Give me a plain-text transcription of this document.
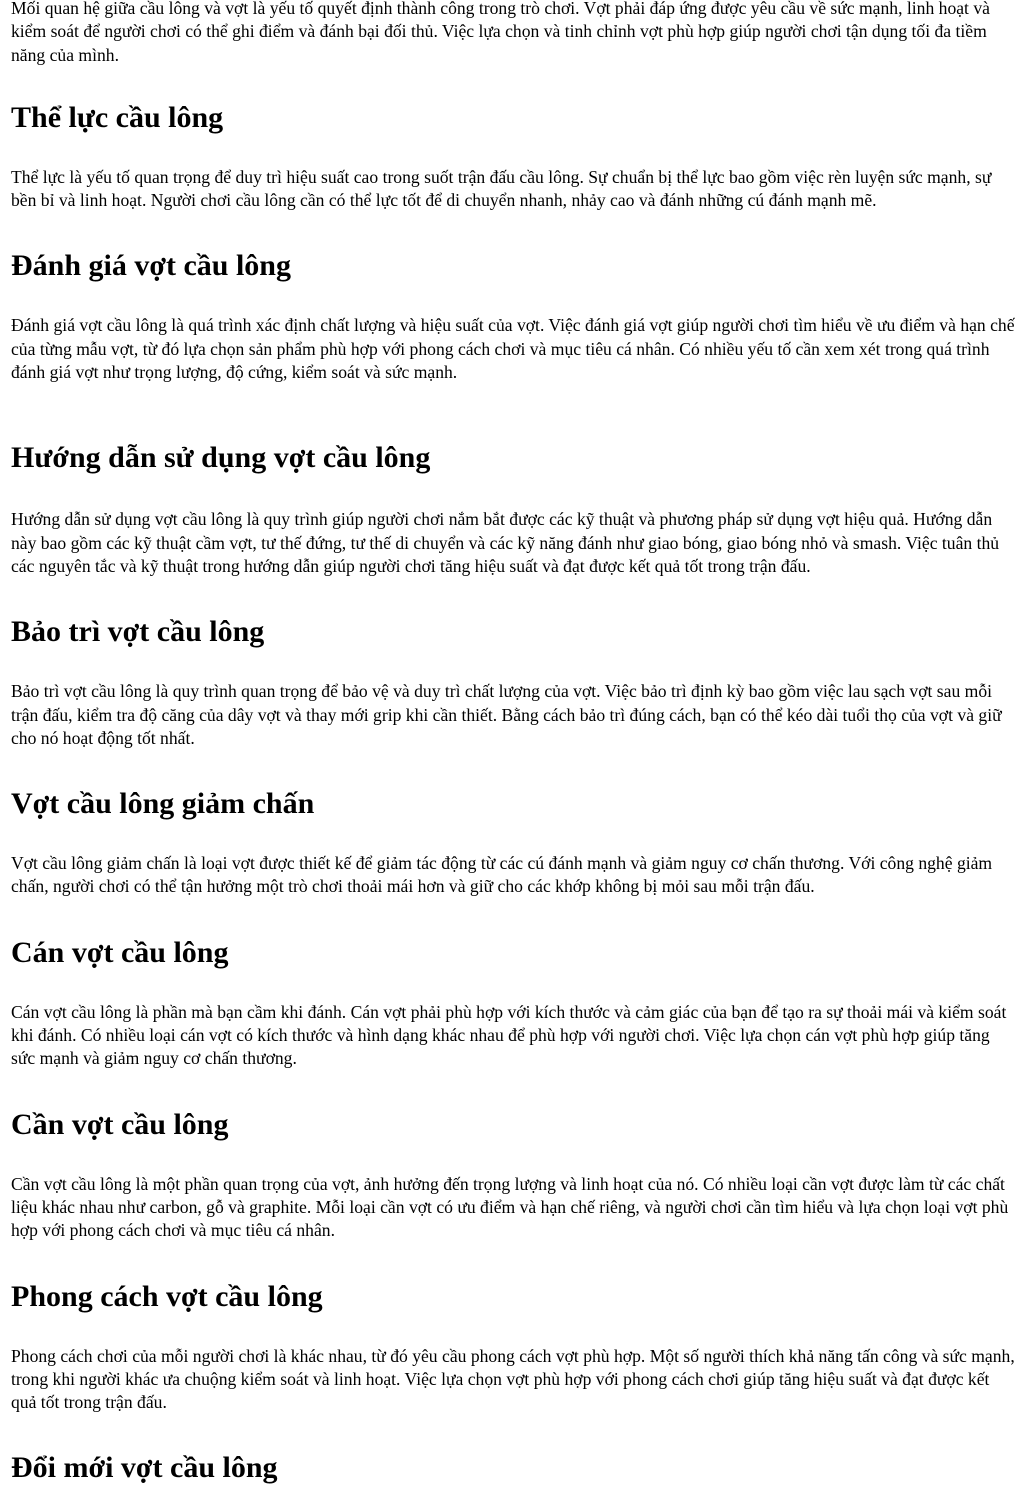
Mối quan hệ giữa cầu lông và vợt là yếu tố quyết định thành công trong trò chơi. Vợt phải đáp ứng được yêu cầu về sức mạnh, linh hoạt và kiểm soát để người chơi có thể ghi điểm và đánh bại đối thủ. Việc lựa chọn và tinh chỉnh vợt phù hợp giúp người chơi tận dụng tối đa tiềm năng của mình.

Thể lực cầu lông

Thể lực là yếu tố quan trọng để duy trì hiệu suất cao trong suốt trận đấu cầu lông. Sự chuẩn bị thể lực bao gồm việc rèn luyện sức mạnh, sự bền bỉ và linh hoạt. Người chơi cầu lông cần có thể lực tốt để di chuyển nhanh, nhảy cao và đánh những cú đánh mạnh mẽ.

Đánh giá vợt cầu lông

Đánh giá vợt cầu lông là quá trình xác định chất lượng và hiệu suất của vợt. Việc đánh giá vợt giúp người chơi tìm hiểu về ưu điểm và hạn chế của từng mẫu vợt, từ đó lựa chọn sản phẩm phù hợp với phong cách chơi và mục tiêu cá nhân. Có nhiều yếu tố cần xem xét trong quá trình đánh giá vợt như trọng lượng, độ cứng, kiểm soát và sức mạnh.

Hướng dẫn sử dụng vợt cầu lông

Hướng dẫn sử dụng vợt cầu lông là quy trình giúp người chơi nắm bắt được các kỹ thuật và phương pháp sử dụng vợt hiệu quả. Hướng dẫn này bao gồm các kỹ thuật cầm vợt, tư thế đứng, tư thế di chuyển và các kỹ năng đánh như giao bóng, giao bóng nhỏ và smash. Việc tuân thủ các nguyên tắc và kỹ thuật trong hướng dẫn giúp người chơi tăng hiệu suất và đạt được kết quả tốt trong trận đấu.

Bảo trì vợt cầu lông

Bảo trì vợt cầu lông là quy trình quan trọng để bảo vệ và duy trì chất lượng của vợt. Việc bảo trì định kỳ bao gồm việc lau sạch vợt sau mỗi trận đấu, kiểm tra độ căng của dây vợt và thay mới grip khi cần thiết. Bằng cách bảo trì đúng cách, bạn có thể kéo dài tuổi thọ của vợt và giữ cho nó hoạt động tốt nhất.

Vợt cầu lông giảm chấn

Vợt cầu lông giảm chấn là loại vợt được thiết kế để giảm tác động từ các cú đánh mạnh và giảm nguy cơ chấn thương. Với công nghệ giảm chấn, người chơi có thể tận hưởng một trò chơi thoải mái hơn và giữ cho các khớp không bị mỏi sau mỗi trận đấu.

Cán vợt cầu lông

Cán vợt cầu lông là phần mà bạn cầm khi đánh. Cán vợt phải phù hợp với kích thước và cảm giác của bạn để tạo ra sự thoải mái và kiểm soát khi đánh. Có nhiều loại cán vợt có kích thước và hình dạng khác nhau để phù hợp với người chơi. Việc lựa chọn cán vợt phù hợp giúp tăng sức mạnh và giảm nguy cơ chấn thương.

Cần vợt cầu lông

Cần vợt cầu lông là một phần quan trọng của vợt, ảnh hưởng đến trọng lượng và linh hoạt của nó. Có nhiều loại cần vợt được làm từ các chất liệu khác nhau như carbon, gỗ và graphite. Mỗi loại cần vợt có ưu điểm và hạn chế riêng, và người chơi cần tìm hiểu và lựa chọn loại vợt phù hợp với phong cách chơi và mục tiêu cá nhân.

Phong cách vợt cầu lông

Phong cách chơi của mỗi người chơi là khác nhau, từ đó yêu cầu phong cách vợt phù hợp. Một số người thích khả năng tấn công và sức mạnh, trong khi người khác ưa chuộng kiểm soát và linh hoạt. Việc lựa chọn vợt phù hợp với phong cách chơi giúp tăng hiệu suất và đạt được kết quả tốt trong trận đấu.

Đổi mới vợt cầu lông
